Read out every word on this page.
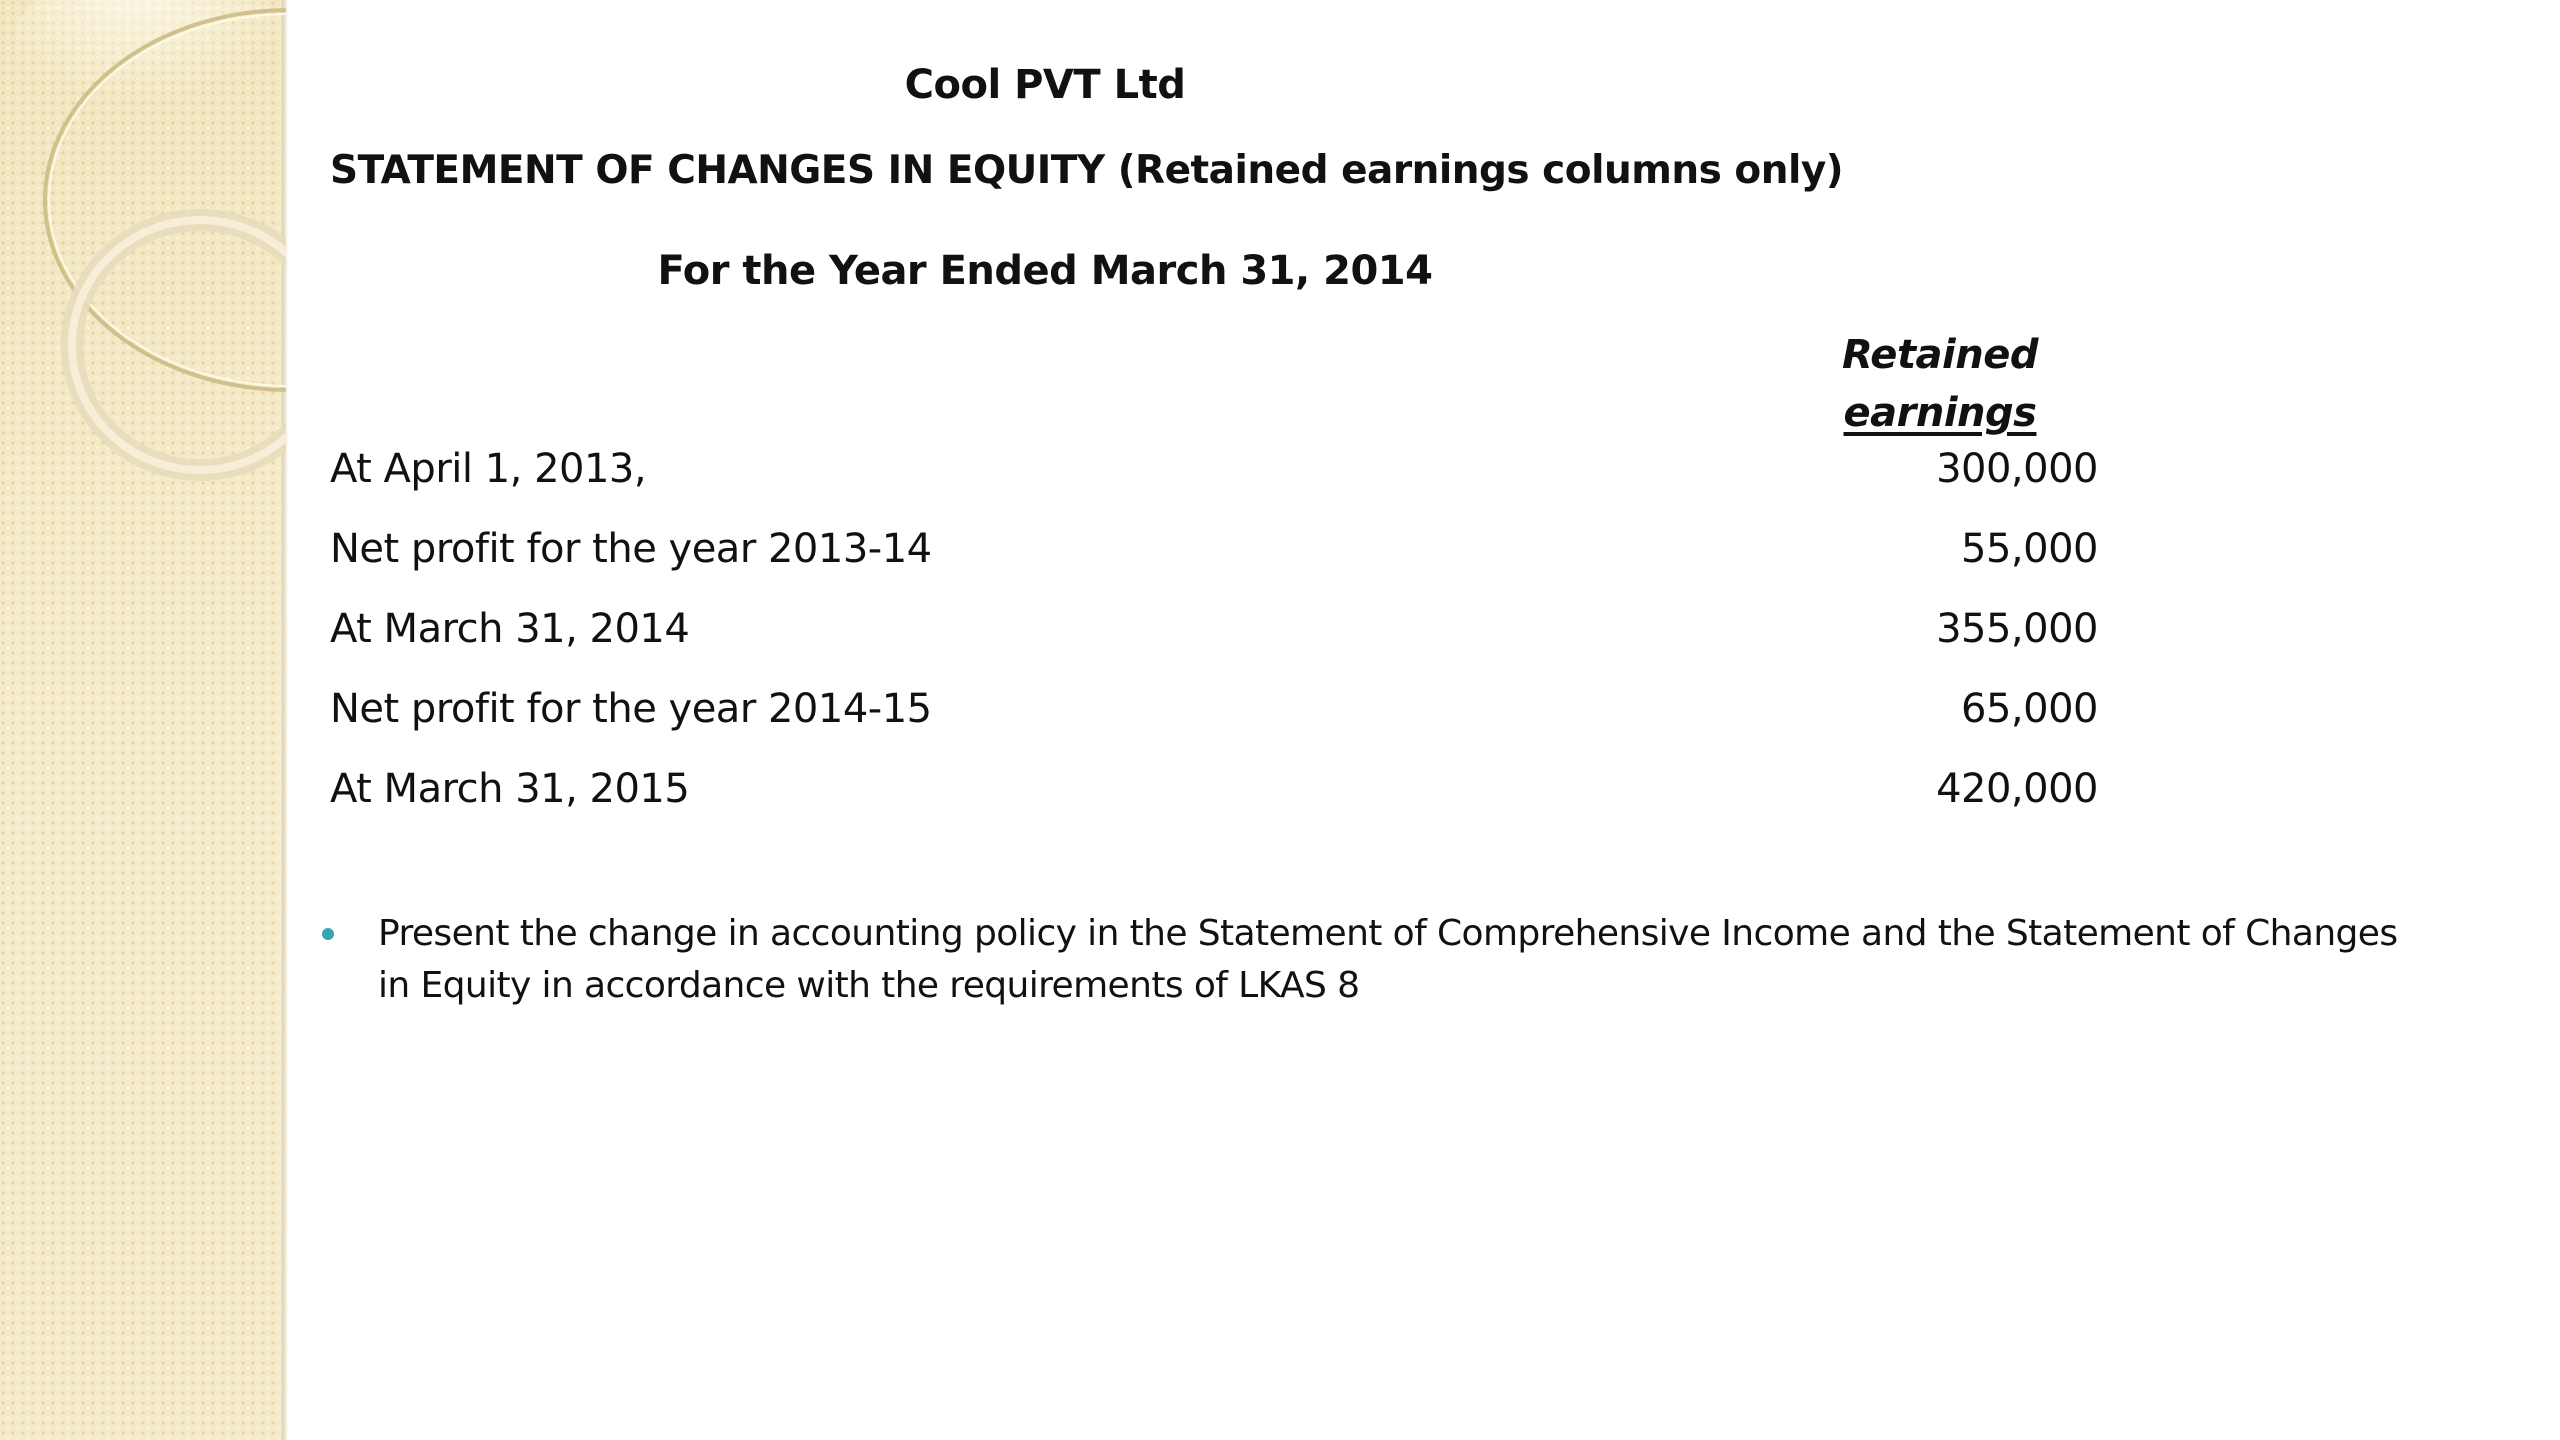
Cool PVT Ltd
STATEMENT OF CHANGES IN EQUITY (Retained earnings columns only)
For the Year Ended March 31, 2014
Retained
earnings
At April 1, 2013,	300,000
Net profit for the year 2013-14	55,000
At March 31, 2014	355,000
Net profit for the year 2014-15	65,000
At March 31, 2015	420,000
Present the change in accounting policy in the Statement of Comprehensive Income and the Statement of Changes in Equity in accordance with the requirements of LKAS 8
